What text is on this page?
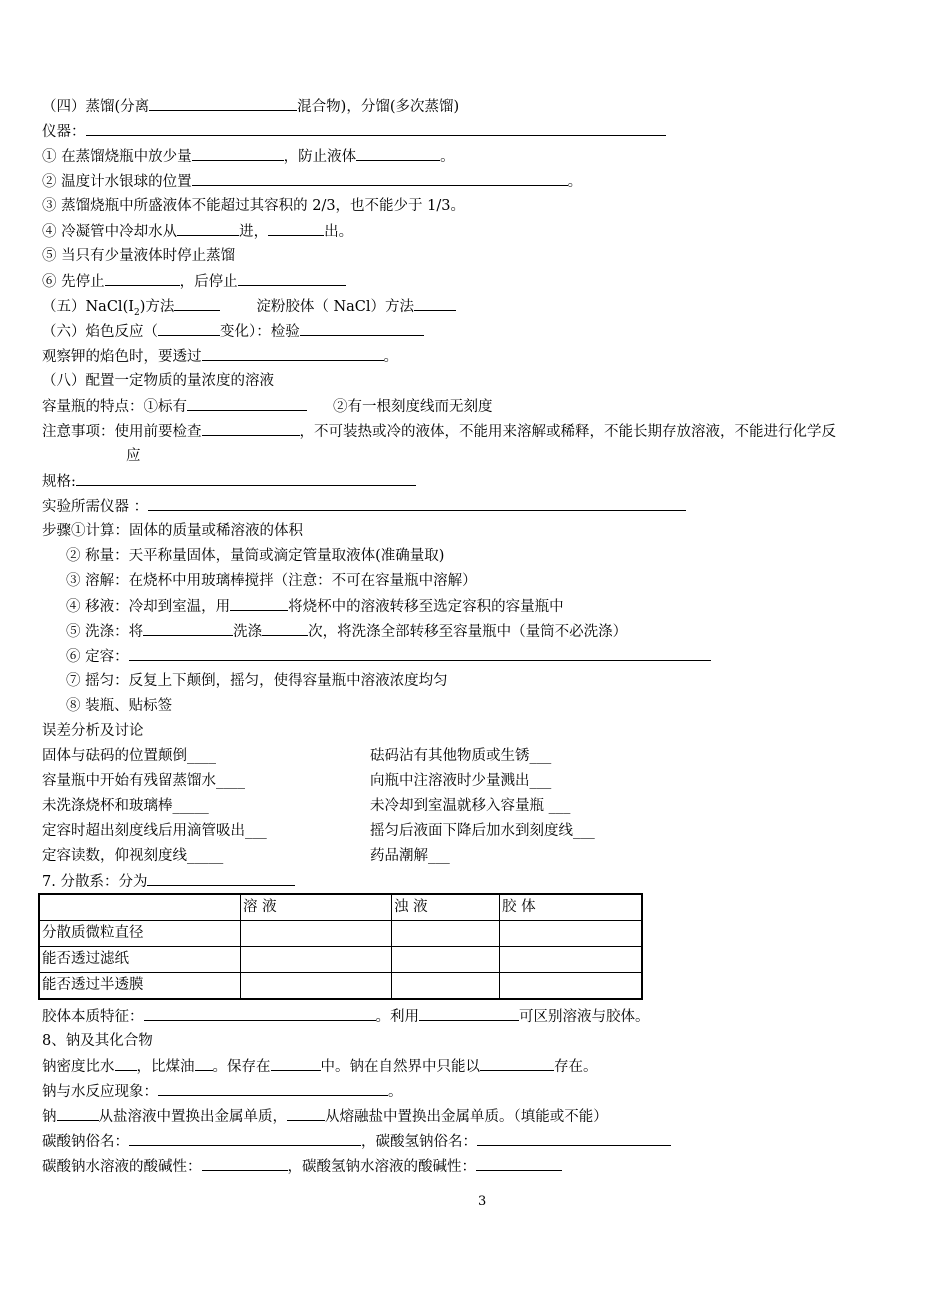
（四）蒸馏(分离	混合物)，分馏(多次蒸馏)
仪器：
① 在蒸馏烧瓶中放少量	，防止液体	。
② 温度计水银球的位置	。
③ 蒸馏烧瓶中所盛液体不能超过其容积的 2/3，也不能少于 1/3。
④ 冷凝管中冷却水从	进，	出。
⑤ 当只有少量液体时停止蒸馏
⑥ 先停止	，后停止
（五）$NaCl(I_2)$方法	淀粉胶体（ NaCl）方法
（六）焰色反应（	变化）：检验
观察钾的焰色时，要透过	。
（八）配置一定物质的量浓度的溶液
容量瓶的特点：①标有	②有一根刻度线而无刻度
注意事项：使用前要检查	，不可装热或冷的液体，不能用来溶解或稀释，不能长期存放溶液，不能进行化学反
应
规格:
实验所需仪器 ：
步骤①计算：固体的质量或稀溶液的体积
② 称量：天平称量固体，量筒或滴定管量取液体(准确量取)
③ 溶解：在烧杯中用玻璃棒搅拌（注意：不可在容量瓶中溶解）
④ 移液：冷却到室温，用	将烧杯中的溶液转移至选定容积的容量瓶中
⑤ 洗涤：将	洗涤	次，将洗涤全部转移至容量瓶中（量筒不必洗涤）
⑥ 定容：
⑦ 摇匀：反复上下颠倒，摇匀，使得容量瓶中溶液浓度均匀
⑧ 装瓶、贴标签
误差分析及讨论
固体与砝码的位置颠倒____	砝码沾有其他物质或生锈___
容量瓶中开始有残留蒸馏水____	向瓶中注溶液时少量溅出___
未洗涤烧杯和玻璃棒_____	未冷却到室温就移入容量瓶 ___
定容时超出刻度线后用滴管吸出___	摇匀后液面下降后加水到刻度线___
定容读数，仰视刻度线_____	药品潮解___
7. 分散系：分为
	溶 液	浊 液	胶 体
分散质微粒直径			
能否透过滤纸			
能否透过半透膜			
胶体本质特征：	。利用	可区别溶液与胶体。
8、钠及其化合物
钠密度比水 ，比煤油 。保存在	中。钠在自然界中只能以	存在。
钠与水反应现象：	。
钠	从盐溶液中置换出金属单质，	从熔融盐中置换出金属单质。（填能或不能）
碳酸钠俗名：	，碳酸氢钠俗名：
碳酸钠水溶液的酸碱性：	，碳酸氢钠水溶液的酸碱性：
3
